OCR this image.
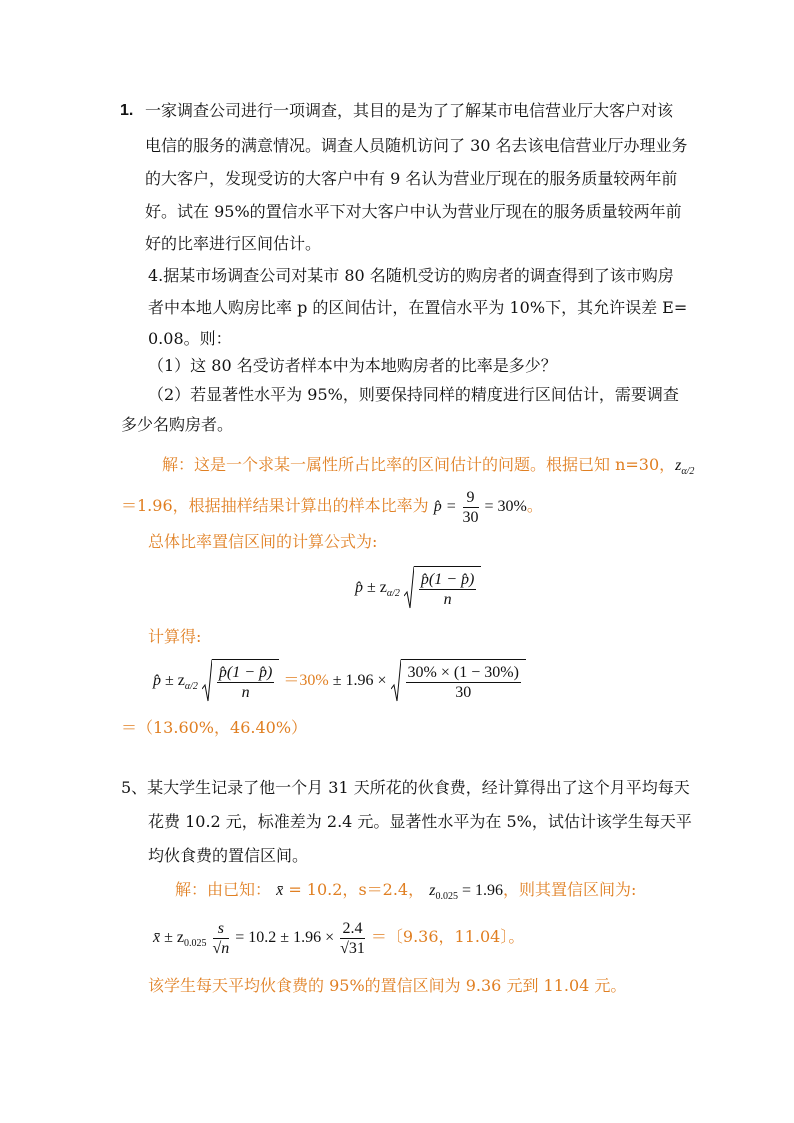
1. 一家调查公司进行一项调查，其目的是为了了解某市电信营业厅大客户对该
电信的服务的满意情况。调查人员随机访问了 30 名去该电信营业厅办理业务
的大客户，发现受访的大客户中有 9 名认为营业厅现在的服务质量较两年前
好。试在 95%的置信水平下对大客户中认为营业厅现在的服务质量较两年前
好的比率进行区间估计。
4.据某市场调查公司对某市 80 名随机受访的购房者的调查得到了该市购房
者中本地人购房比率 p 的区间估计，在置信水平为 10%下，其允许误差 E=
0.08。则：
（1）这 80 名受访者样本中为本地购房者的比率是多少？
（2）若显著性水平为 95%，则要保持同样的精度进行区间估计，需要调查
多少名购房者。
解：这是一个求某一属性所占比率的区间估计的问题。根据已知 n=30，$z_{\alpha/2}$
＝1.96，根据抽样结果计算出的样本比率为 p̂ = $\frac{9}{30} = 30\%$。
总体比率置信区间的计算公式为:
p̂ ± $z_{\alpha/2} \frac{p̂(1 - p̂)}{n}$
计算得:
p̂ ± $z_{\alpha/2} \frac{p̂(1 - p̂)}{n} =30\% \pm 1.96 \times \frac{30\% \times (1 - 30\%)}{30}$
＝（13.60%，46.40%）
5、某大学生记录了他一个月 31 天所花的伙食费，经计算得出了这个月平均每天
花费 10.2 元，标准差为 2.4 元。显著性水平为在 5%，试估计该学生每天平
均伙食费的置信区间。
解：由已知： x̄ = 10.2，s＝2.4， $z_{0.025} = 1.96$，则其置信区间为:
x̄ ± $z_{0.025} \frac{s}{√n} = 10.2 \pm 1.96 \times \frac{2.4}{√31}$ ＝〔9.36，11.04〕。
该学生每天平均伙食费的 95%的置信区间为 9.36 元到 11.04 元。
